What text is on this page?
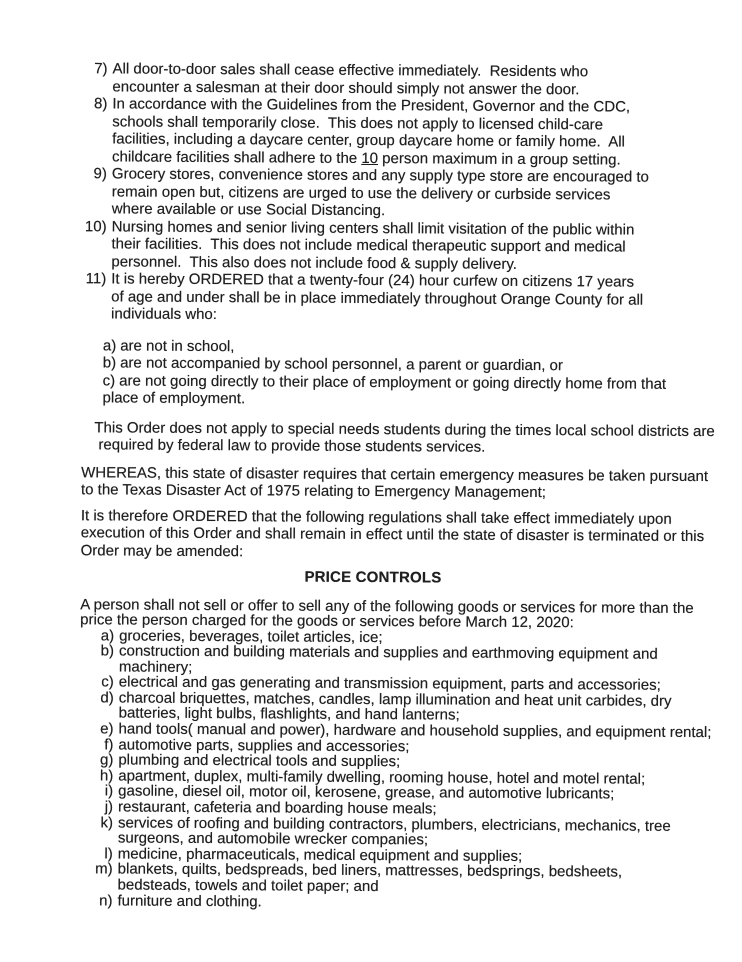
7) All door-to-door sales shall cease effective immediately.  Residents who
encounter a salesman at their door should simply not answer the door.
8) In accordance with the Guidelines from the President, Governor and the CDC,
schools shall temporarily close.  This does not apply to licensed child-care
facilities, including a daycare center, group daycare home or family home.  All
childcare facilities shall adhere to the 10 person maximum in a group setting.
9) Grocery stores, convenience stores and any supply type store are encouraged to
remain open but, citizens are urged to use the delivery or curbside services
where available or use Social Distancing.
10) Nursing homes and senior living centers shall limit visitation of the public within
their facilities.  This does not include medical therapeutic support and medical
personnel.  This also does not include food & supply delivery.
11) It is hereby ORDERED that a twenty-four (24) hour curfew on citizens 17 years
of age and under shall be in place immediately throughout Orange County for all
individuals who:
a) are not in school,
b) are not accompanied by school personnel, a parent or guardian, or
c) are not going directly to their place of employment or going directly home from that
place of employment.

This Order does not apply to special needs students during the times local school districts are
required by federal law to provide those students services.

WHEREAS, this state of disaster requires that certain emergency measures be taken pursuant
to the Texas Disaster Act of 1975 relating to Emergency Management;

It is therefore ORDERED that the following regulations shall take effect immediately upon
execution of this Order and shall remain in effect until the state of disaster is terminated or this
Order may be amended:

PRICE CONTROLS

A person shall not sell or offer to sell any of the following goods or services for more than the
price the person charged for the goods or services before March 12, 2020:

a) groceries, beverages, toilet articles, ice;
b) construction and building materials and supplies and earthmoving equipment and
machinery;
c) electrical and gas generating and transmission equipment, parts and accessories;
d) charcoal briquettes, matches, candles, lamp illumination and heat unit carbides, dry
batteries, light bulbs, flashlights, and hand lanterns;
e) hand tools( manual and power), hardware and household supplies, and equipment rental;
f) automotive parts, supplies and accessories;
g) plumbing and electrical tools and supplies;
h) apartment, duplex, multi-family dwelling, rooming house, hotel and motel rental;
i) gasoline, diesel oil, motor oil, kerosene, grease, and automotive lubricants;
j) restaurant, cafeteria and boarding house meals;
k) services of roofing and building contractors, plumbers, electricians, mechanics, tree
surgeons, and automobile wrecker companies;
l) medicine, pharmaceuticals, medical equipment and supplies;
m) blankets, quilts, bedspreads, bed liners, mattresses, bedsprings, bedsheets,
bedsteads, towels and toilet paper; and
n) furniture and clothing.
